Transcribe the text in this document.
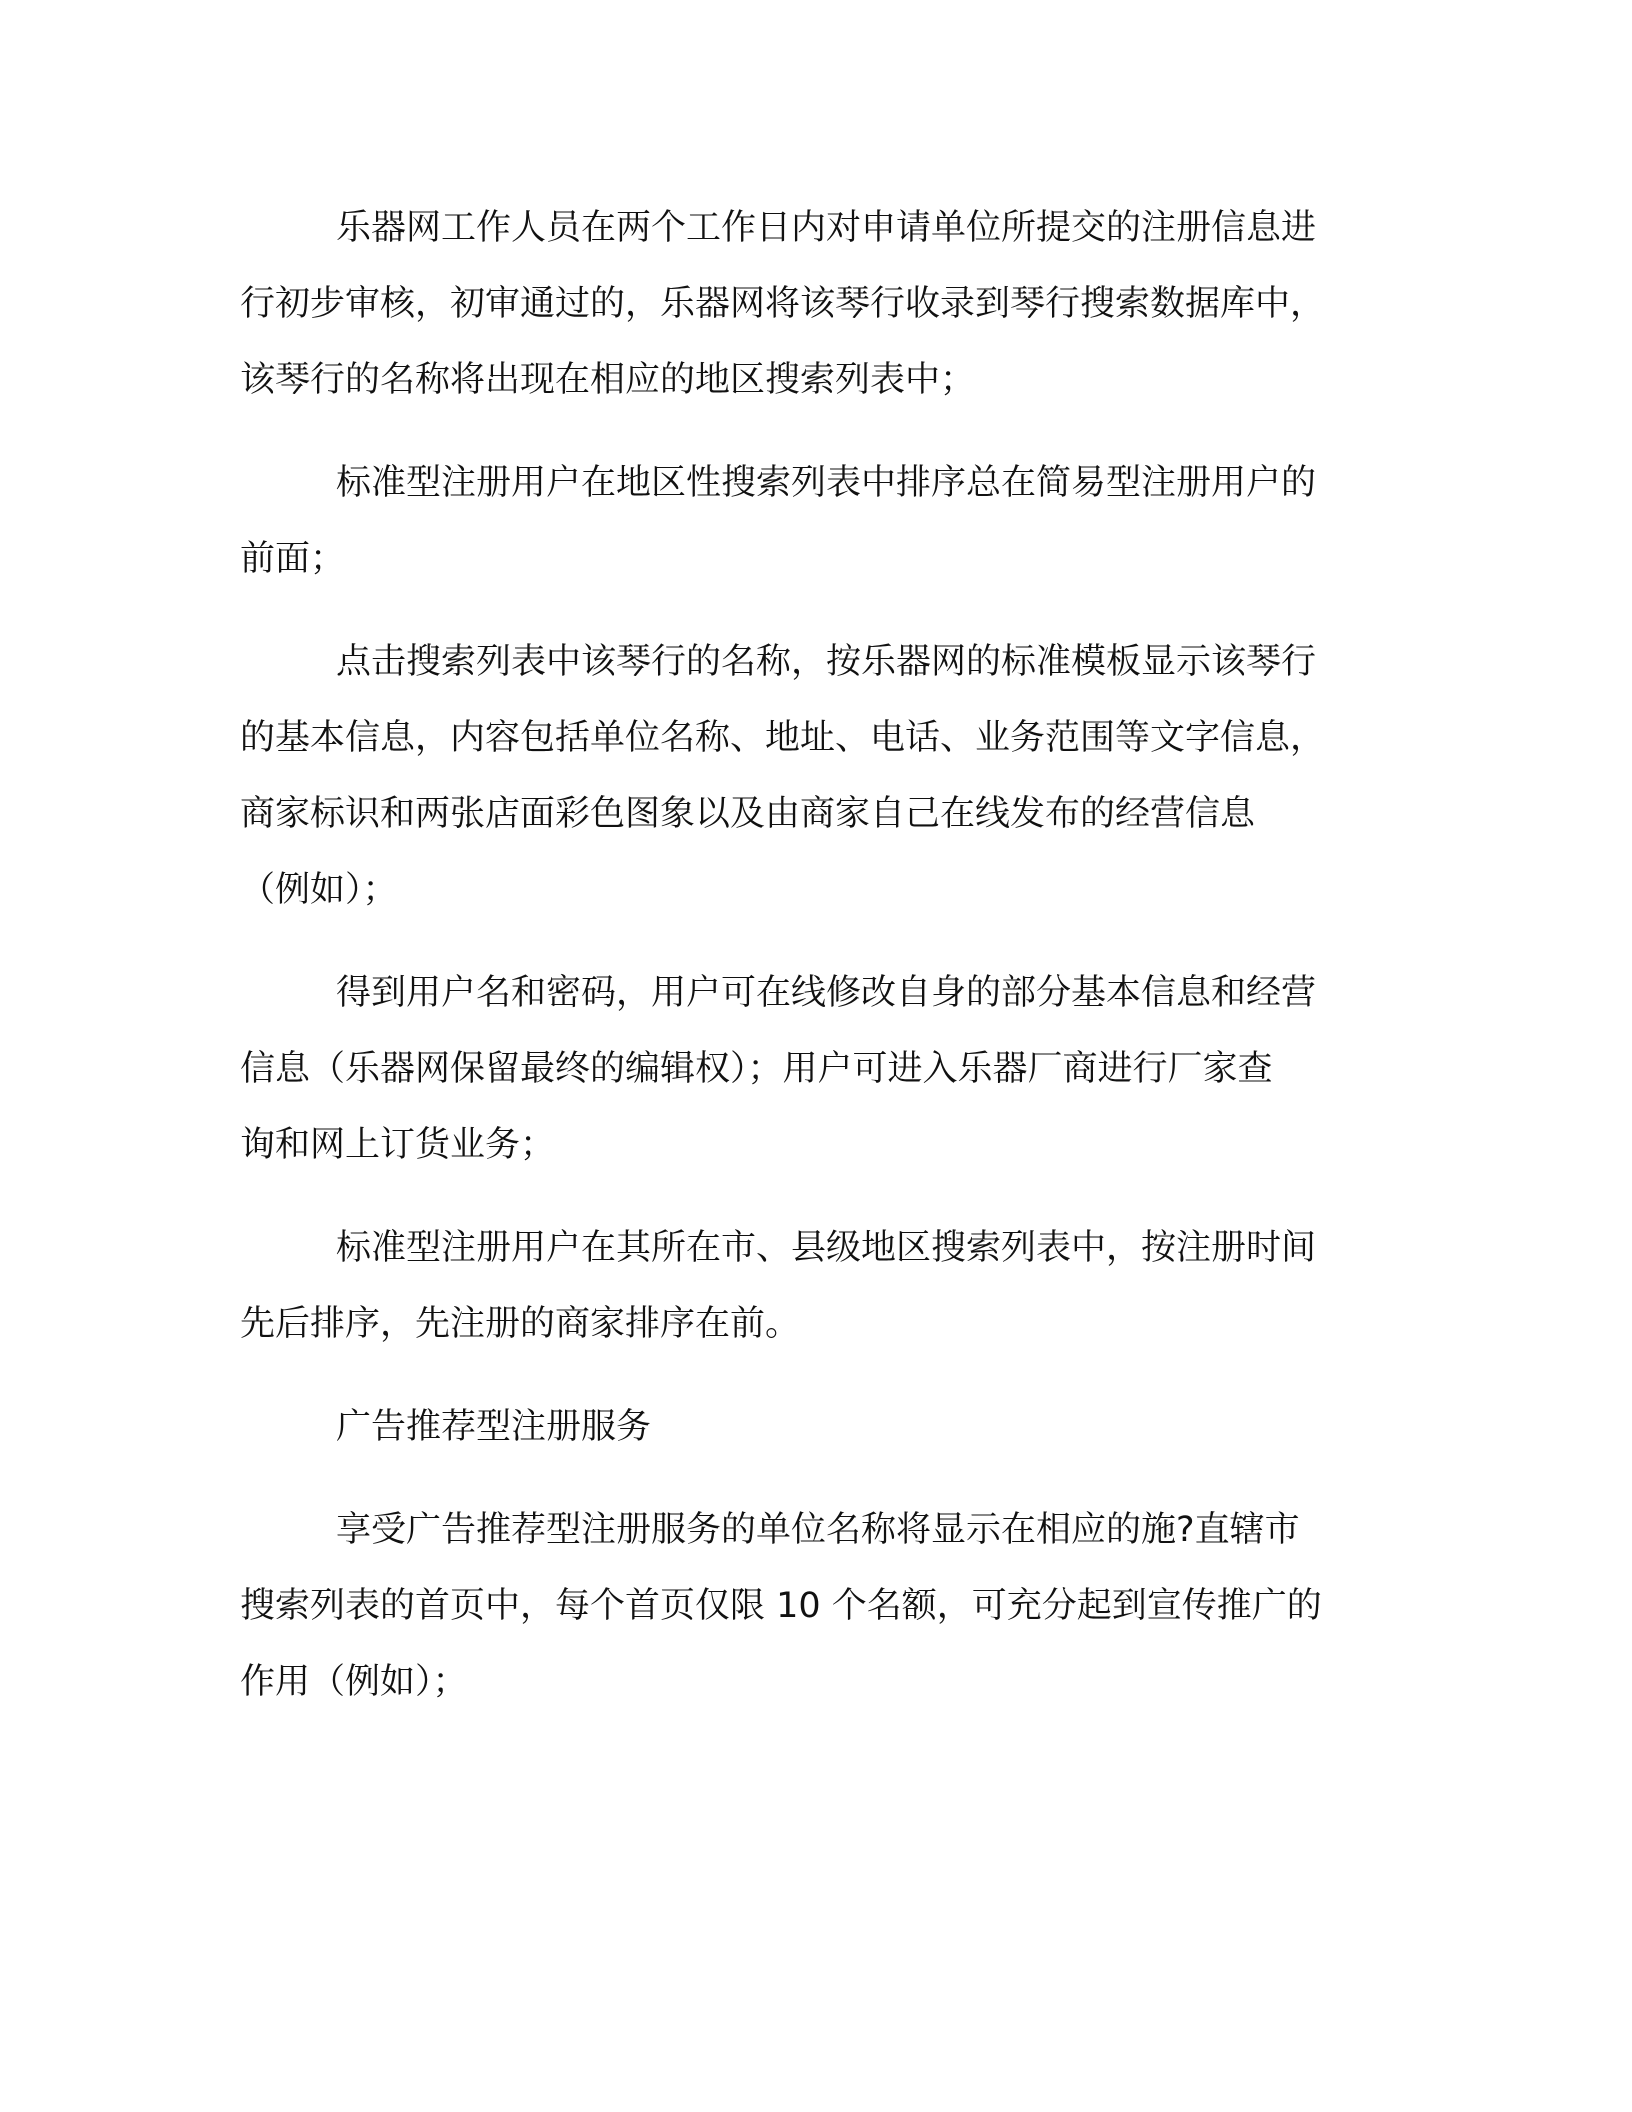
乐器网工作人员在两个工作日内对申请单位所提交的注册信息进
行初步审核，初审通过的，乐器网将该琴行收录到琴行搜索数据库中，
该琴行的名称将出现在相应的地区搜索列表中；
标准型注册用户在地区性搜索列表中排序总在简易型注册用户的
前面；
点击搜索列表中该琴行的名称，按乐器网的标准模板显示该琴行
的基本信息，内容包括单位名称、地址、电话、业务范围等文字信息，
商家标识和两张店面彩色图象以及由商家自己在线发布的经营信息
（例如）；
得到用户名和密码，用户可在线修改自身的部分基本信息和经营
信息（乐器网保留最终的编辑权）；用户可进入乐器厂商进行厂家查
询和网上订货业务；
标准型注册用户在其所在市、县级地区搜索列表中，按注册时间
先后排序，先注册的商家排序在前。
广告推荐型注册服务
享受广告推荐型注册服务的单位名称将显示在相应的施?直辖市
搜索列表的首页中，每个首页仅限 10 个名额，可充分起到宣传推广的
作用（例如）；
